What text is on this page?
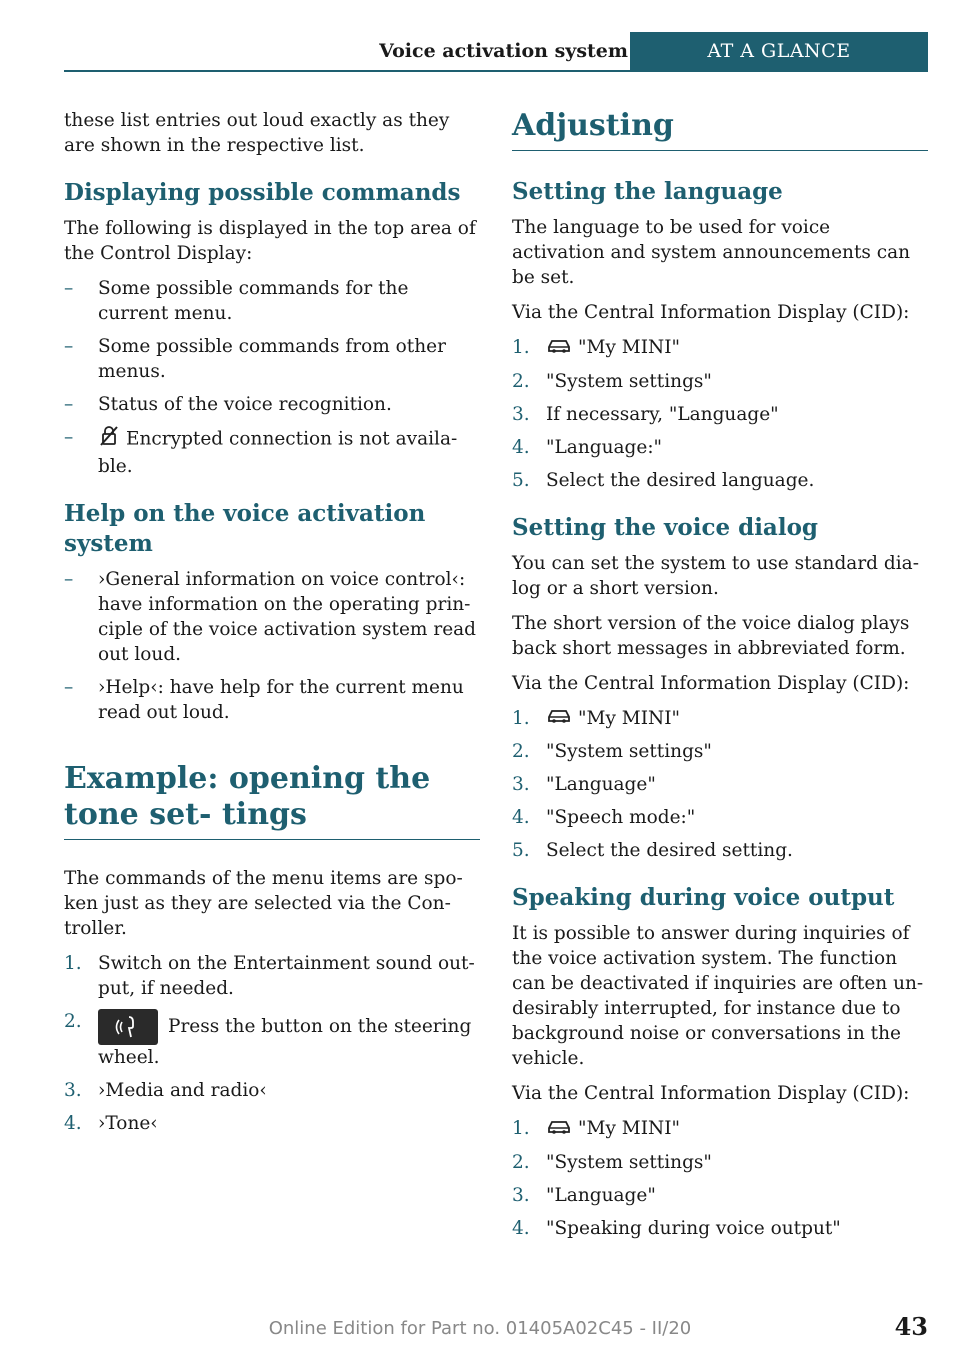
Voice activation system	AT A GLANCE

these list entries out loud exactly as they are shown in the respective list.

Displaying possible commands

The following is displayed in the top area of the Control Display:

– Some possible commands for the current menu.
– Some possible commands from other menus.
– Status of the voice recognition.
–	Encrypted connection is not availa- ble.
Help on the voice activation system
– ›General information on voice control‹: have information on the operating prin- ciple of the voice activation system read out loud.
– ›Help‹: have help for the current menu read out loud.
Example: opening the tone set- tings

The commands of the menu items are spo- ken just as they are selected via the Con- troller.

1. Switch on the Entertainment sound out- put, if needed.
2.	Press the button on the steering wheel.
3. ›Media and radio‹
4. ›Tone‹
Adjusting
Setting the language

The language to be used for voice activation and system announcements can be set.

Via the Central Information Display (CID):

1.	"My MINI"
2. "System settings"
3. If necessary, "Language"
4. "Language:"
5. Select the desired language.
Setting the voice dialog

You can set the system to use standard dia- log or a short version.

The short version of the voice dialog plays back short messages in abbreviated form.

Via the Central Information Display (CID):

1.	"My MINI"
2. "System settings"
3. "Language"
4. "Speech mode:"
5. Select the desired setting.
Speaking during voice output

It is possible to answer during inquiries of the voice activation system. The function can be deactivated if inquiries are often un- desirably interrupted, for instance due to background noise or conversations in the vehicle.

Via the Central Information Display (CID):

1.	"My MINI"
2. "System settings"
3. "Language"
4. "Speaking during voice output"
Online Edition for Part no. 01405A02C45 - II/20	43
